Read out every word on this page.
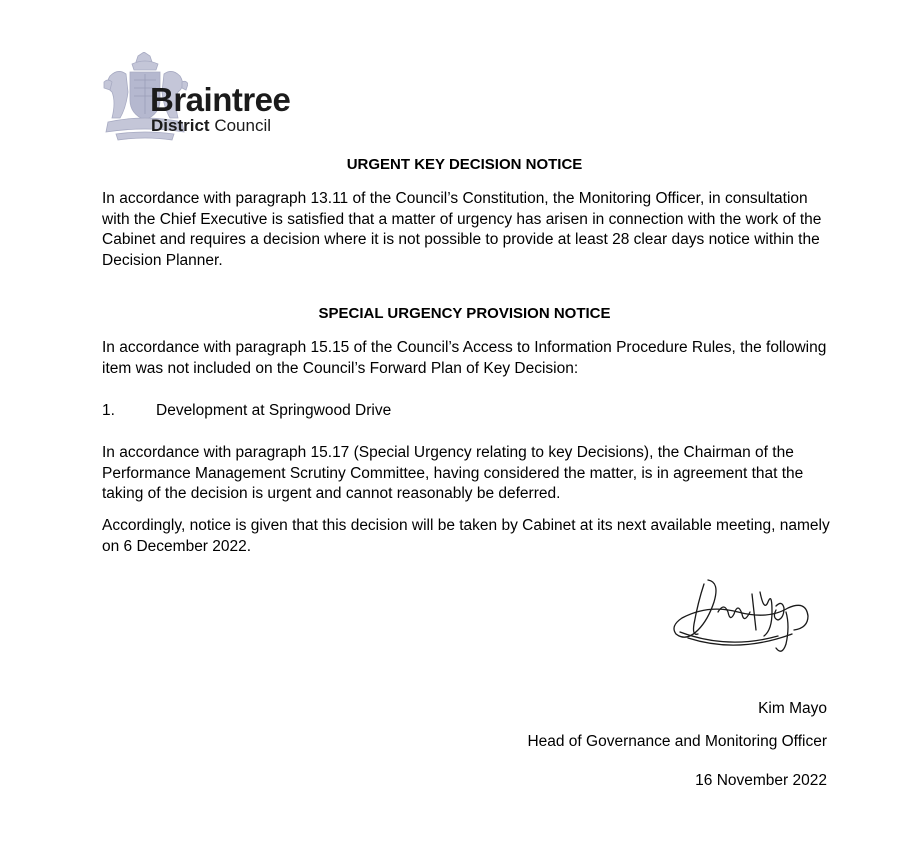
Braintree
District Council
URGENT KEY DECISION NOTICE
In accordance with paragraph 13.11 of the Council’s Constitution, the Monitoring Officer, in consultation with the Chief Executive is satisfied that a matter of urgency has arisen in connection with the work of the Cabinet and requires a decision where it is not possible to provide at least 28 clear days notice within the Decision Planner.
SPECIAL URGENCY PROVISION NOTICE
In accordance with paragraph 15.15 of the Council’s Access to Information Procedure Rules, the following item was not included on the Council’s Forward Plan of Key Decision:
1.	Development at Springwood Drive
In accordance with paragraph 15.17 (Special Urgency relating to key Decisions), the Chairman of the Performance Management Scrutiny Committee, having considered the matter, is in agreement that the taking of the decision is urgent and cannot reasonably be deferred.
Accordingly, notice is given that this decision will be taken by Cabinet at its next available meeting, namely on 6 December 2022.
Kim Mayo
Head of Governance and Monitoring Officer
16 November 2022
